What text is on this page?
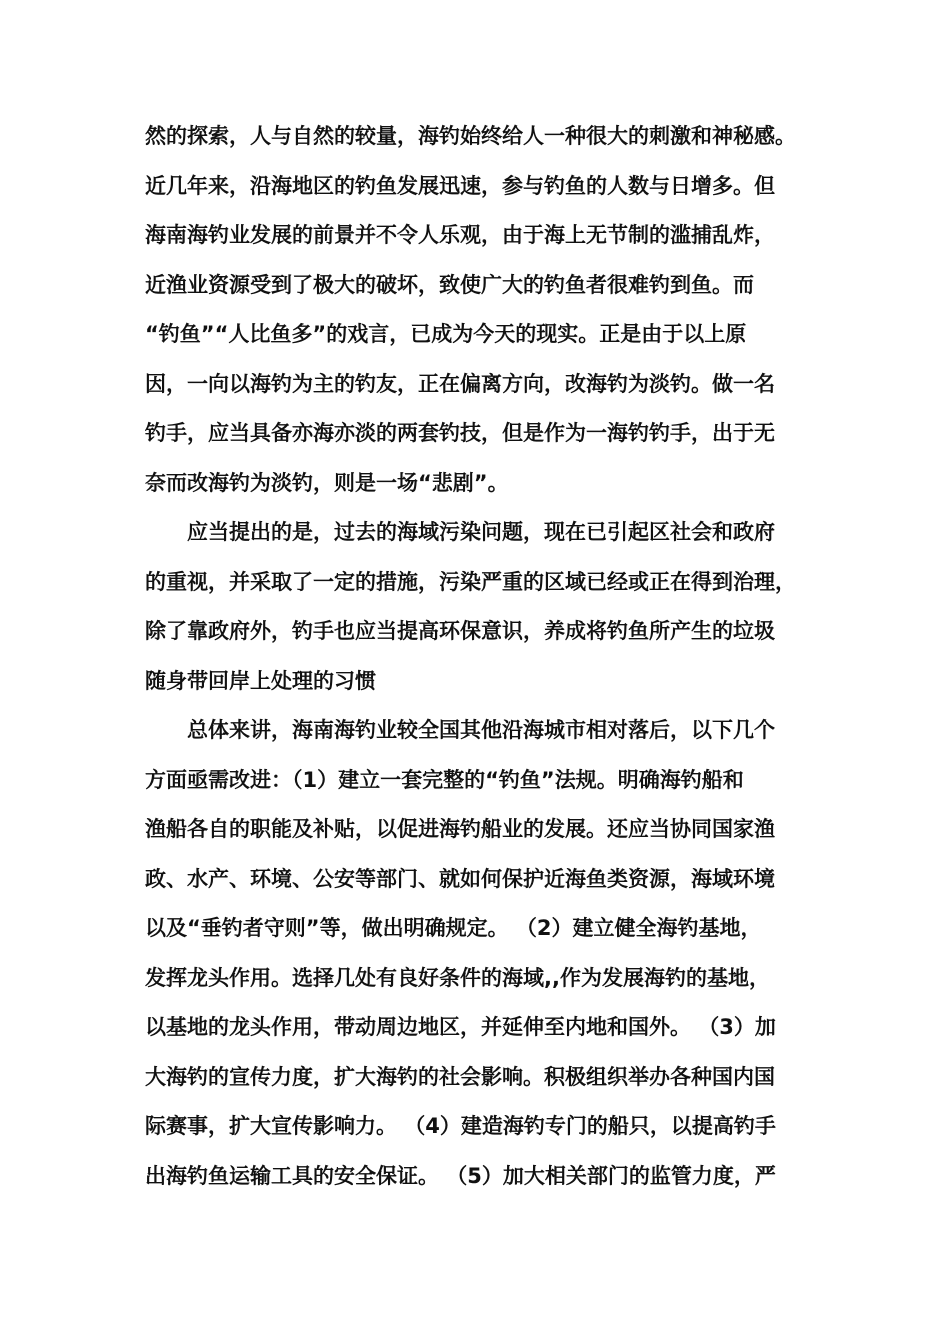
然的探索，人与自然的较量，海钓始终给人一种很大的刺激和神秘感。
近几年来，沿海地区的钓鱼发展迅速，参与钓鱼的人数与日增多。但
海南海钓业发展的前景并不令人乐观，由于海上无节制的滥捕乱炸，
近渔业资源受到了极大的破坏，致使广大的钓鱼者很难钓到鱼。而
“钓鱼”“人比鱼多”的戏言，已成为今天的现实。正是由于以上原
因，一向以海钓为主的钓友，正在偏离方向，改海钓为淡钓。做一名
钓手，应当具备亦海亦淡的两套钓技，但是作为一海钓钓手，出于无
奈而改海钓为淡钓，则是一场“悲剧”。
应当提出的是，过去的海域污染问题，现在已引起区社会和政府
的重视，并采取了一定的措施，污染严重的区域已经或正在得到治理，
除了靠政府外，钓手也应当提高环保意识，养成将钓鱼所产生的垃圾
随身带回岸上处理的习惯
总体来讲，海南海钓业较全国其他沿海城市相对落后，以下几个
方面亟需改进：（1）建立一套完整的“钓鱼”法规。明确海钓船和
渔船各自的职能及补贴，以促进海钓船业的发展。还应当协同国家渔
政、水产、环境、公安等部门、就如何保护近海鱼类资源，海域环境
以及“垂钓者守则”等，做出明确规定。 （2）建立健全海钓基地，
发挥龙头作用。选择几处有良好条件的海域,,作为发展海钓的基地，
以基地的龙头作用，带动周边地区，并延伸至内地和国外。 （3）加
大海钓的宣传力度，扩大海钓的社会影响。积极组织举办各种国内国
际赛事，扩大宣传影响力。 （4）建造海钓专门的船只，以提高钓手
出海钓鱼运输工具的安全保证。 （5）加大相关部门的监管力度，严
